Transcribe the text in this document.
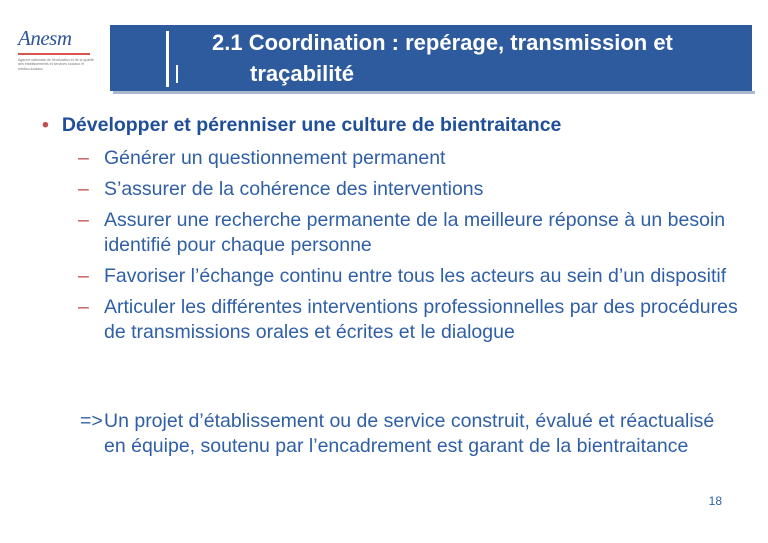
Anesm
Agence nationale de l'évaluation et de la qualité des établissements et services sociaux et médico-sociaux
2.1 Coordination : repérage, transmission et
traçabilité
• Développer et pérenniser une culture de bientraitance
– Générer un questionnement permanent
– S’assurer de la cohérence des interventions
– Assurer une recherche permanente de la meilleure réponse à un besoin identifié pour chaque personne
– Favoriser l’échange continu entre tous les acteurs au sein d’un dispositif
– Articuler les différentes interventions professionnelles par des procédures de transmissions orales et écrites et le dialogue
=> Un projet d’établissement ou de service construit, évalué et réactualisé en équipe, soutenu par l’encadrement est garant de la bientraitance
18
